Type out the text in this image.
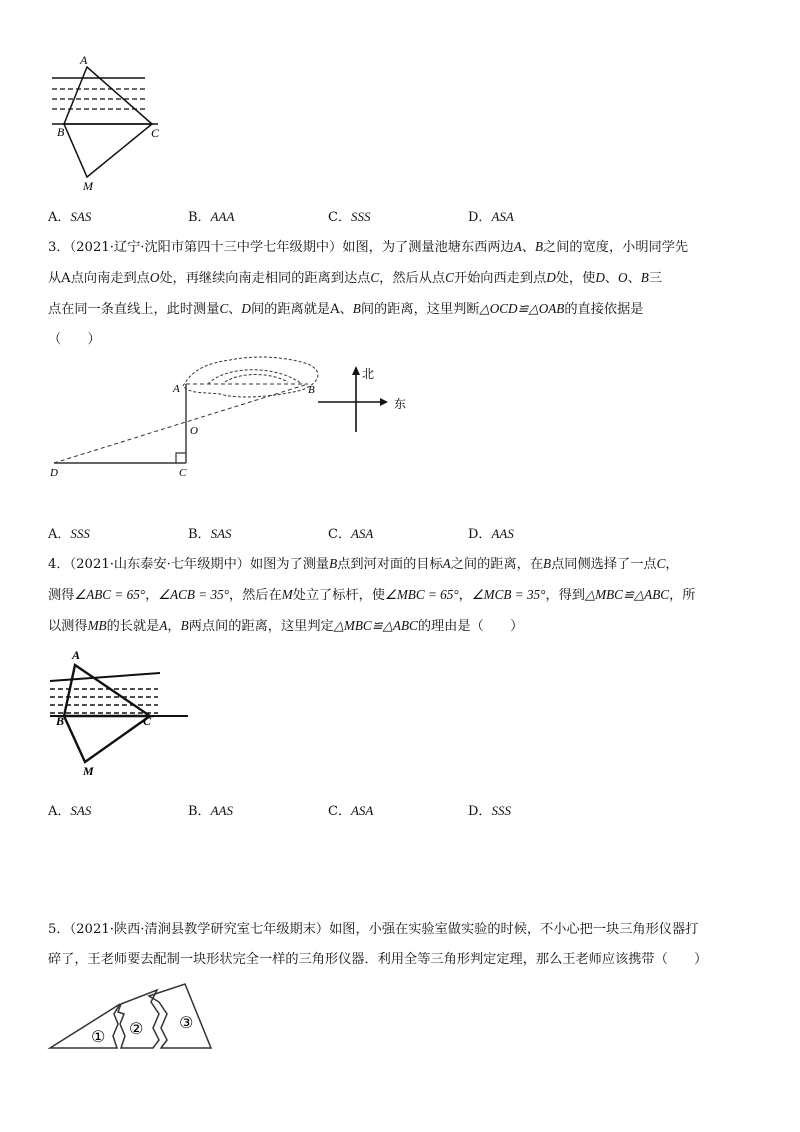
A
B	C
M
A．SAS	B．AAA	C．SSS	D．ASA
3．（2021·辽宁·沈阳市第四十三中学七年级期中）如图，为了测量池塘东西两边A、B之间的宽度，小明同学先
从A点向南走到点O处，再继续向南走相同的距离到达点C，然后从点C开始向西走到点D处，使D、O、B三
点在同一条直线上，此时测量C、D间的距离就是A、B间的距离，这里判断△OCD≌△OAB的直接依据是
（　　）
A	B
O
C
D
北
东
A．SSS	B．SAS	C．ASA	D．AAS
4．（2021·山东泰安·七年级期中）如图为了测量B点到河对面的目标A之间的距离，在B点同侧选择了一点C，
测得∠ABC = 65°，∠ACB = 35°，然后在M处立了标杆，使∠MBC = 65°，∠MCB = 35°，得到△MBC≌△ABC，所
以测得MB的长就是A，B两点间的距离，这里判定△MBC≌△ABC的理由是（　　）
A
B	C
M
A．SAS	B．AAS	C．ASA	D．SSS
5．（2021·陕西·清涧县教学研究室七年级期末）如图，小强在实验室做实验的时候，不小心把一块三角形仪器打
碎了，王老师要去配制一块形状完全一样的三角形仪器．利用全等三角形判定定理，那么王老师应该携带（　　）
① ② ③
